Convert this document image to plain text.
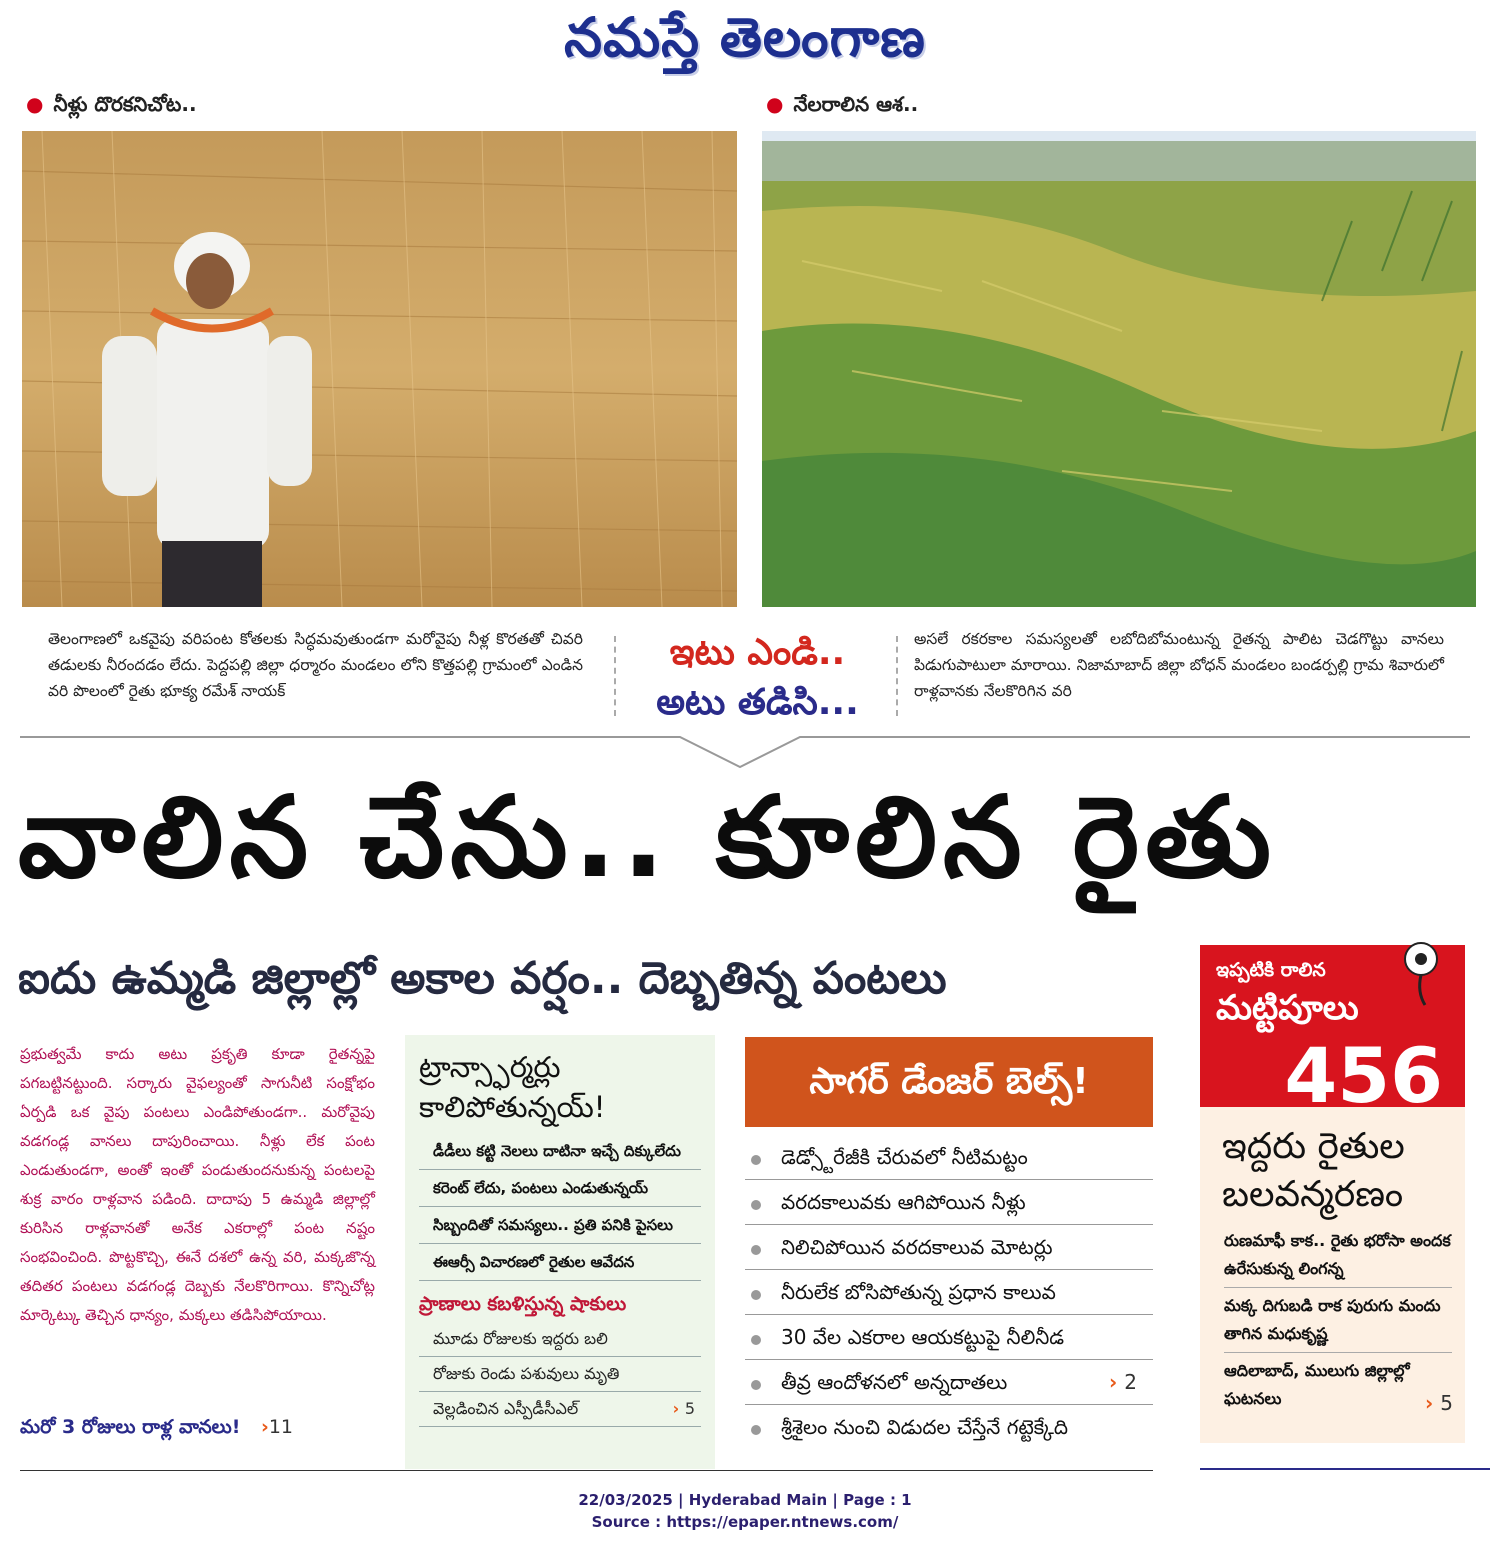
నమస్తే తెలంగాణ
● నీళ్లు దొరకనిచోట..	● నేలరాలిన ఆశ..
తెలంగాణలో ఒకవైపు వరిపంట కోతలకు సిద్ధమవుతుండగా మరోవైపు నీళ్ల కొరతతో చివరి తడులకు నీరందడం లేదు. పెద్దపల్లి జిల్లా ధర్మారం మండలం లోని కొత్తపల్లి గ్రామంలో ఎండిన వరి పొలంలో రైతు భూక్య రమేశ్ నాయక్
ఇటు ఎండి..
అటు తడిసి...
అసలే రకరకాల సమస్యలతో లబోదిబోమంటున్న రైతన్న పాలిట చెడగొట్టు వానలు పిడుగుపాటులా మారాయి. నిజామాబాద్ జిల్లా బోధన్ మండలం బండర్పల్లి గ్రామ శివారులో రాళ్లవానకు నేలకొరిగిన వరి
వాలిన చేను.. కూలిన రైతు
ఐదు ఉమ్మడి జిల్లాల్లో అకాల వర్షం.. దెబ్బతిన్న పంటలు
ప్రభుత్వమే కాదు అటు ప్రకృతి కూడా రైతన్నపై పగబట్టినట్టుంది. సర్కారు వైఫల్యంతో సాగునీటి సంక్షోభం ఏర్పడి ఒక వైపు పంటలు ఎండిపోతుండగా.. మరోవైపు వడగండ్ల వానలు దాపురించాయి. నీళ్లు లేక పంట ఎండుతుండగా, అంతో ఇంతో పండుతుందనుకున్న పంటలపై శుక్ర వారం రాళ్లవాన పడింది. దాదాపు 5 ఉమ్మడి జిల్లాల్లో కురిసిన రాళ్లవానతో అనేక ఎకరాల్లో పంట నష్టం సంభవించింది. పొట్టకొచ్చి, ఈనే దశలో ఉన్న వరి, మక్కజొన్న తదితర పంటలు వడగండ్ల దెబ్బకు నేలకొరిగాయి. కొన్నిచోట్ల మార్కెట్కు తెచ్చిన ధాన్యం, మక్కలు తడిసిపోయాయి.
మరో 3 రోజులు రాళ్ల వానలు! ›11
ట్రాన్స్ఫార్మర్లు కాలిపోతున్నయ్!
డీడీలు కట్టి నెలలు దాటినా ఇచ్చే దిక్కులేదు
కరెంట్ లేదు, పంటలు ఎండుతున్నయ్
సిబ్బందితో సమస్యలు.. ప్రతి పనికి పైసలు
ఈఆర్సీ విచారణలో రైతుల ఆవేదన
ప్రాణాలు కబళిస్తున్న షాకులు
మూడు రోజులకు ఇద్దరు బలి
రోజుకు రెండు పశువులు మృతి
వెల్లడించిన ఎస్పీడీసీఎల్	› 5
సాగర్ డేంజర్ బెల్స్!
డెడ్స్టోరేజీకి చేరువలో నీటిమట్టం
వరదకాలువకు ఆగిపోయిన నీళ్లు
నిలిచిపోయిన వరదకాలువ మోటర్లు
నీరులేక బోసిపోతున్న ప్రధాన కాలువ
30 వేల ఎకరాల ఆయకట్టుపై నీలినీడ
తీవ్ర ఆందోళనలో అన్నదాతలు	› 2
శ్రీశైలం నుంచి విడుదల చేస్తేనే గట్టెక్కేది
ఇద్దరు రైతుల బలవన్మరణం
రుణమాఫీ కాక.. రైతు భరోసా అందక ఉరేసుకున్న లింగన్న
మక్క దిగుబడి రాక పురుగు మందు తాగిన మధుకృష్ణ
ఆదిలాబాద్, ములుగు జిల్లాల్లో ఘటనలు	› 5
ఇప్పటికి రాలిన
మట్టిపూలు
456
22/03/2025 | Hyderabad Main | Page : 1
Source : https://epaper.ntnews.com/
